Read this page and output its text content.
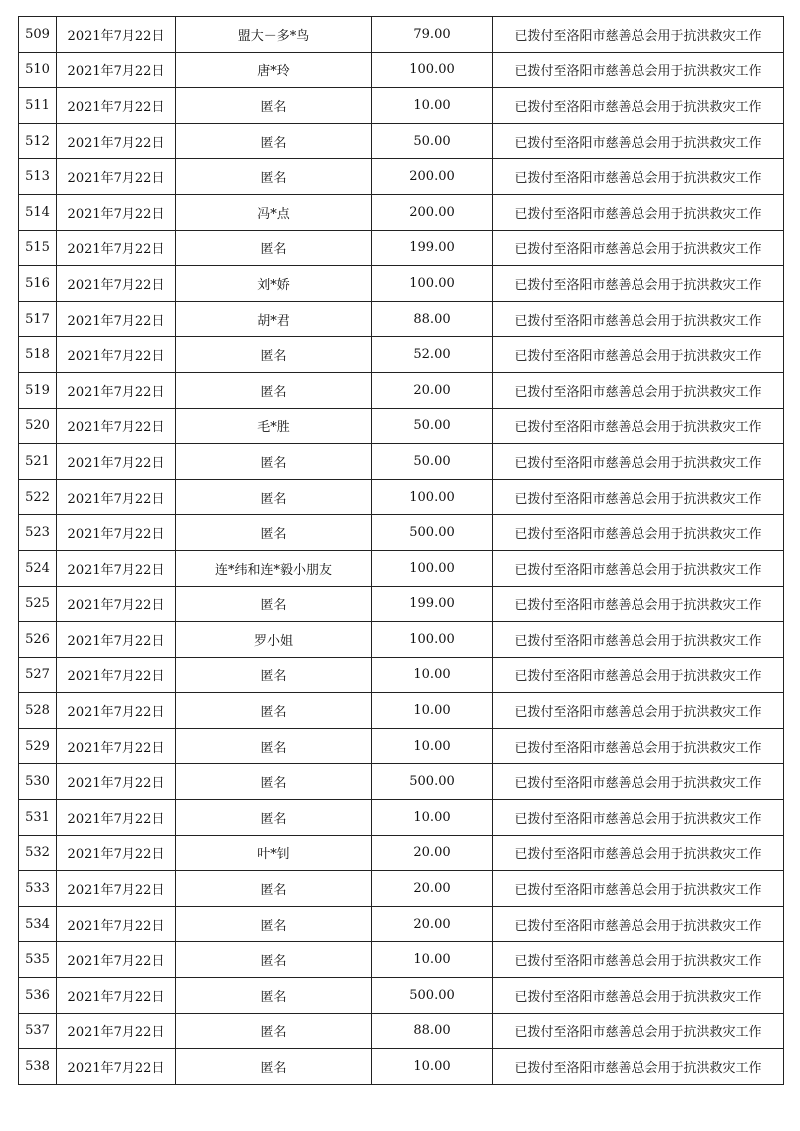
509	2021年7月22日	盟大－多*鸟	79.00	已拨付至洛阳市慈善总会用于抗洪救灾工作
510	2021年7月22日	唐*玲	100.00	已拨付至洛阳市慈善总会用于抗洪救灾工作
511	2021年7月22日	匿名	10.00	已拨付至洛阳市慈善总会用于抗洪救灾工作
512	2021年7月22日	匿名	50.00	已拨付至洛阳市慈善总会用于抗洪救灾工作
513	2021年7月22日	匿名	200.00	已拨付至洛阳市慈善总会用于抗洪救灾工作
514	2021年7月22日	冯*点	200.00	已拨付至洛阳市慈善总会用于抗洪救灾工作
515	2021年7月22日	匿名	199.00	已拨付至洛阳市慈善总会用于抗洪救灾工作
516	2021年7月22日	刘*娇	100.00	已拨付至洛阳市慈善总会用于抗洪救灾工作
517	2021年7月22日	胡*君	88.00	已拨付至洛阳市慈善总会用于抗洪救灾工作
518	2021年7月22日	匿名	52.00	已拨付至洛阳市慈善总会用于抗洪救灾工作
519	2021年7月22日	匿名	20.00	已拨付至洛阳市慈善总会用于抗洪救灾工作
520	2021年7月22日	毛*胜	50.00	已拨付至洛阳市慈善总会用于抗洪救灾工作
521	2021年7月22日	匿名	50.00	已拨付至洛阳市慈善总会用于抗洪救灾工作
522	2021年7月22日	匿名	100.00	已拨付至洛阳市慈善总会用于抗洪救灾工作
523	2021年7月22日	匿名	500.00	已拨付至洛阳市慈善总会用于抗洪救灾工作
524	2021年7月22日	连*纬和连*毅小朋友	100.00	已拨付至洛阳市慈善总会用于抗洪救灾工作
525	2021年7月22日	匿名	199.00	已拨付至洛阳市慈善总会用于抗洪救灾工作
526	2021年7月22日	罗小姐	100.00	已拨付至洛阳市慈善总会用于抗洪救灾工作
527	2021年7月22日	匿名	10.00	已拨付至洛阳市慈善总会用于抗洪救灾工作
528	2021年7月22日	匿名	10.00	已拨付至洛阳市慈善总会用于抗洪救灾工作
529	2021年7月22日	匿名	10.00	已拨付至洛阳市慈善总会用于抗洪救灾工作
530	2021年7月22日	匿名	500.00	已拨付至洛阳市慈善总会用于抗洪救灾工作
531	2021年7月22日	匿名	10.00	已拨付至洛阳市慈善总会用于抗洪救灾工作
532	2021年7月22日	叶*钊	20.00	已拨付至洛阳市慈善总会用于抗洪救灾工作
533	2021年7月22日	匿名	20.00	已拨付至洛阳市慈善总会用于抗洪救灾工作
534	2021年7月22日	匿名	20.00	已拨付至洛阳市慈善总会用于抗洪救灾工作
535	2021年7月22日	匿名	10.00	已拨付至洛阳市慈善总会用于抗洪救灾工作
536	2021年7月22日	匿名	500.00	已拨付至洛阳市慈善总会用于抗洪救灾工作
537	2021年7月22日	匿名	88.00	已拨付至洛阳市慈善总会用于抗洪救灾工作
538	2021年7月22日	匿名	10.00	已拨付至洛阳市慈善总会用于抗洪救灾工作
